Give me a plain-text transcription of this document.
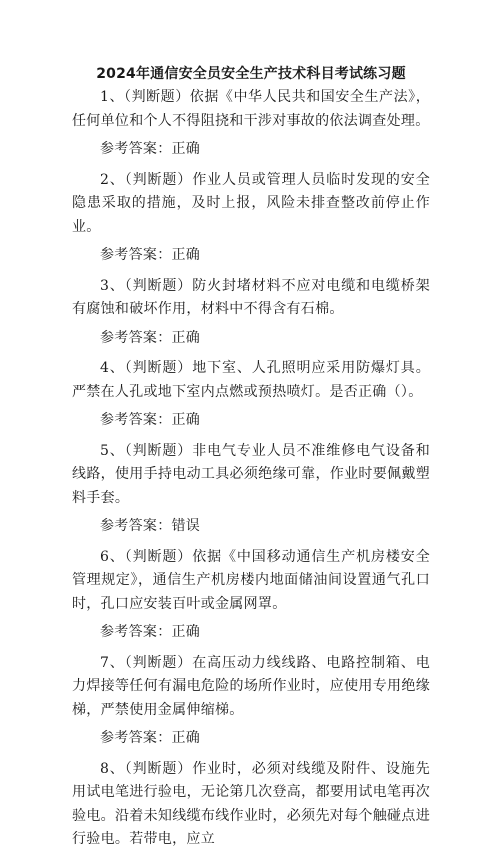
2024年通信安全员安全生产技术科目考试练习题

1、（判断题）依据《中华人民共和国安全生产法》，任何单位和个人不得阻挠和干涉对事故的依法调查处理。

参考答案：正确

2、（判断题）作业人员或管理人员临时发现的安全隐患采取的措施，及时上报，风险未排查整改前停止作业。

参考答案：正确

3、（判断题）防火封堵材料不应对电缆和电缆桥架有腐蚀和破坏作用，材料中不得含有石棉。

参考答案：正确

4、（判断题）地下室、人孔照明应采用防爆灯具。严禁在人孔或地下室内点燃或预热喷灯。是否正确（）。

参考答案：正确

5、（判断题）非电气专业人员不准维修电气设备和线路，使用手持电动工具必须绝缘可靠，作业时要佩戴塑料手套。

参考答案：错误

6、（判断题）依据《中国移动通信生产机房楼安全管理规定》，通信生产机房楼内地面储油间设置通气孔口时，孔口应安装百叶或金属网罩。

参考答案：正确

7、（判断题）在高压动力线线路、电路控制箱、电力焊接等任何有漏电危险的场所作业时，应使用专用绝缘梯，严禁使用金属伸缩梯。

参考答案：正确

8、（判断题）作业时，必须对线缆及附件、设施先用试电笔进行验电，无论第几次登高，都要用试电笔再次验电。沿着未知线缆布线作业时，必须先对每个触碰点进行验电。若带电，应立
